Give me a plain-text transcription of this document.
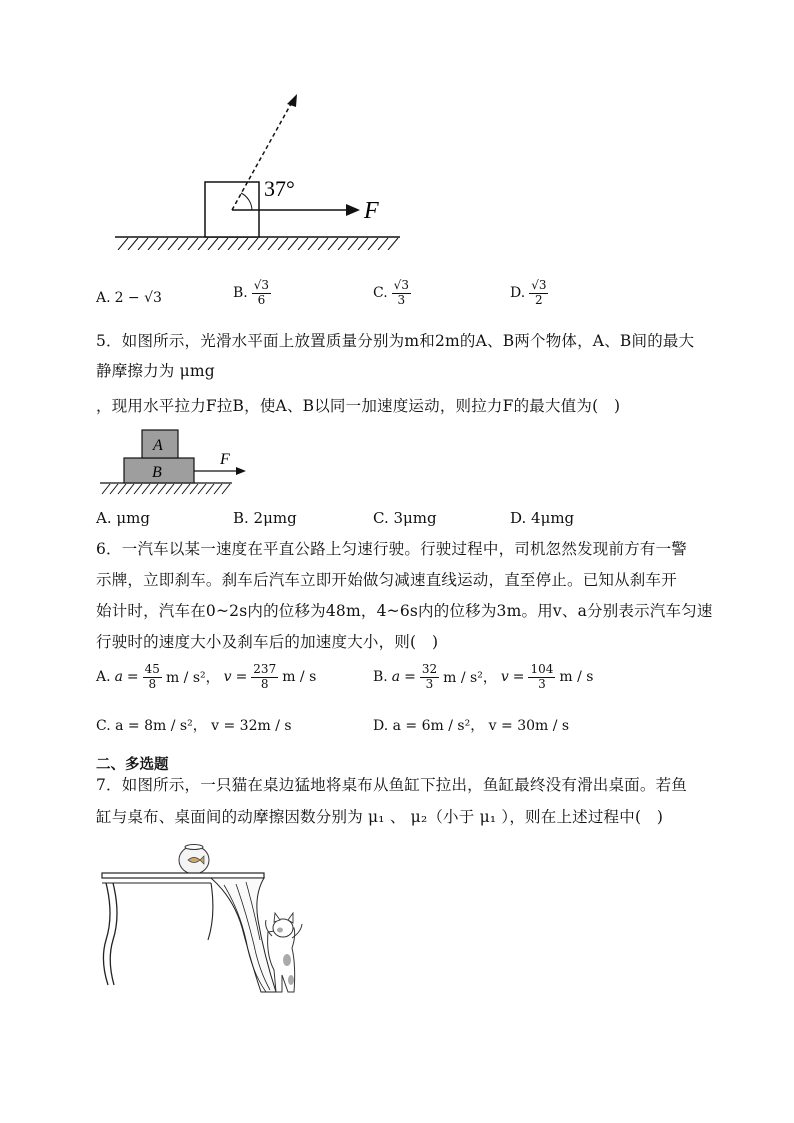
37°
F
A. 2 − √3	B. $\frac{√3}{6}$	C. $\frac{√3}{3}$	D. $\frac{√3}{2}$
5．如图所示，光滑水平面上放置质量分别为m和2m的A、B两个物体，A、B间的最大
静摩擦力为 μmg
，现用水平拉力F拉B，使A、B以同一加速度运动，则拉力F的最大值为(　)
A
B
F
A. μmg	B. 2μmg	C. 3μmg	D. 4μmg
6．一汽车以某一速度在平直公路上匀速行驶。行驶过程中，司机忽然发现前方有一警
示牌，立即刹车。刹车后汽车立即开始做匀减速直线运动，直至停止。已知从刹车开
始计时，汽车在0~2s内的位移为48m，4~6s内的位移为3m。用v、a分别表示汽车匀速
行驶时的速度大小及刹车后的加速度大小，则(　)
A. $a = \frac{45}{8}$ m / s²， $v = \frac{237}{8}$ m / s	B. $a = \frac{32}{3}$ m / s²， $v = \frac{104}{3}$ m / s
C. a = 8m / s²， v = 32m / s	D. a = 6m / s²， v = 30m / s
二、多选题
7．如图所示，一只猫在桌边猛地将桌布从鱼缸下拉出，鱼缸最终没有滑出桌面。若鱼
缸与桌布、桌面间的动摩擦因数分别为 μ₁ 、 μ₂（小于 μ₁ ），则在上述过程中(　)
